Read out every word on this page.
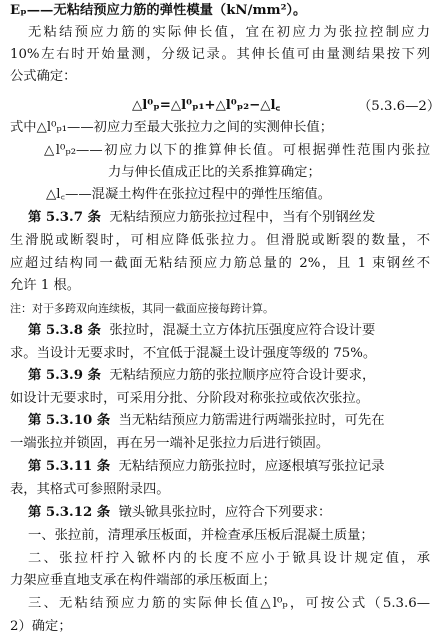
Eₚ——无粘结预应力筋的弹性模量（kN/mm²）。
无粘结预应力筋的实际伸长值，宜在初应力为张拉控制应力
10%左右时开始量测，分级记录。其伸长值可由量测结果按下列
公式确定：
△l⁰ₚ=△l⁰ₚ₁+△l⁰ₚ₂−△l꜀	（5.3.6—2）
式中△l⁰ₚ₁——初应力至最大张拉力之间的实测伸长值；
△l⁰ₚ₂——初应力以下的推算伸长值。可根据弹性范围内张拉
力与伸长值成正比的关系推算确定；
△l꜀——混凝土构件在张拉过程中的弹性压缩值。
第 5.3.7 条 无粘结预应力筋张拉过程中，当有个别钢丝发
生滑脱或断裂时，可相应降低张拉力。但滑脱或断裂的数量，不
应超过结构同一截面无粘结预应力筋总量的 2%，且 1 束钢丝不
允许 1 根。
注：对于多跨双向连续板，其同一截面应接每跨计算。
第 5.3.8 条 张拉时，混凝土立方体抗压强度应符合设计要
求。当设计无要求时，不宜低于混凝土设计强度等级的 75%。
第 5.3.9 条 无粘结预应力筋的张拉顺序应符合设计要求，
如设计无要求时，可采用分批、分阶段对称张拉或依次张拉。
第 5.3.10 条 当无粘结预应力筋需进行两端张拉时，可先在
一端张拉并锁固，再在另一端补足张拉力后进行锁固。
第 5.3.11 条 无粘结预应力筋张拉时，应逐根填写张拉记录
表，其格式可参照附录四。
第 5.3.12 条 镦头锨具张拉时，应符合下列要求：
一、张拉前，清理承压板面，并检查承压板后混凝土质量；
二、张拉杆拧入锨杯内的长度不应小于锨具设计规定值，承
力架应垂直地支承在构件端部的承压板面上；
三、无粘结预应力筋的实际伸长值△l⁰ₚ，可按公式（5.3.6—
2）确定；
